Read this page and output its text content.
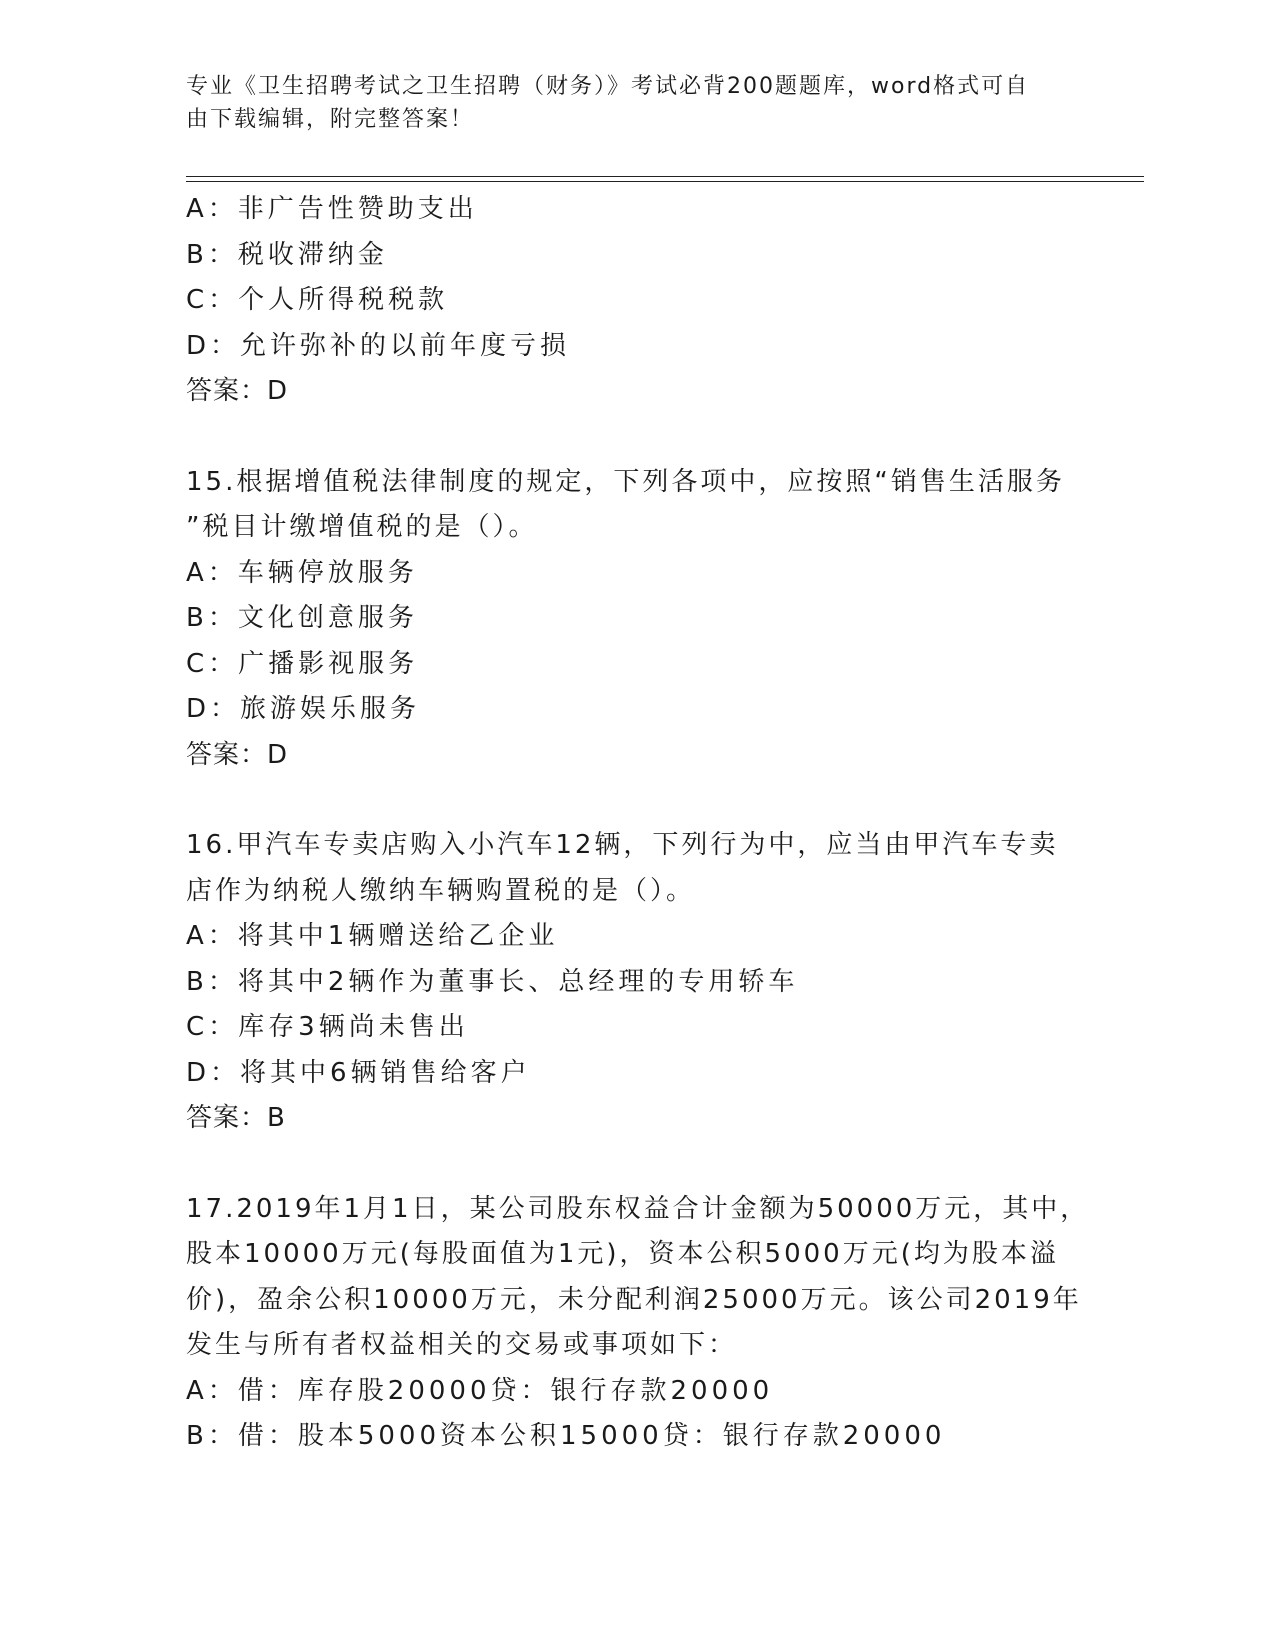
专业《卫生招聘考试之卫生招聘（财务）》考试必背200题题库，word格式可自
由下载编辑，附完整答案！
A：非广告性赞助支出
B：税收滞纳金
C：个人所得税税款
D：允许弥补的以前年度亏损
答案：D
15.根据增值税法律制度的规定，下列各项中，应按照“销售生活服务
”税目计缴增值税的是（）。
A：车辆停放服务
B：文化创意服务
C：广播影视服务
D：旅游娱乐服务
答案：D
16.甲汽车专卖店购入小汽车12辆，下列行为中，应当由甲汽车专卖
店作为纳税人缴纳车辆购置税的是（）。
A：将其中1辆赠送给乙企业
B：将其中2辆作为董事长、总经理的专用轿车
C：库存3辆尚未售出
D：将其中6辆销售给客户
答案：B
17.2019年1月1日，某公司股东权益合计金额为50000万元，其中，
股本10000万元(每股面值为1元)，资本公积5000万元(均为股本溢
价)，盈余公积10000万元，未分配利润25000万元。该公司2019年
发生与所有者权益相关的交易或事项如下：
A：借：库存股20000贷：银行存款20000
B：借：股本5000资本公积15000贷：银行存款20000
